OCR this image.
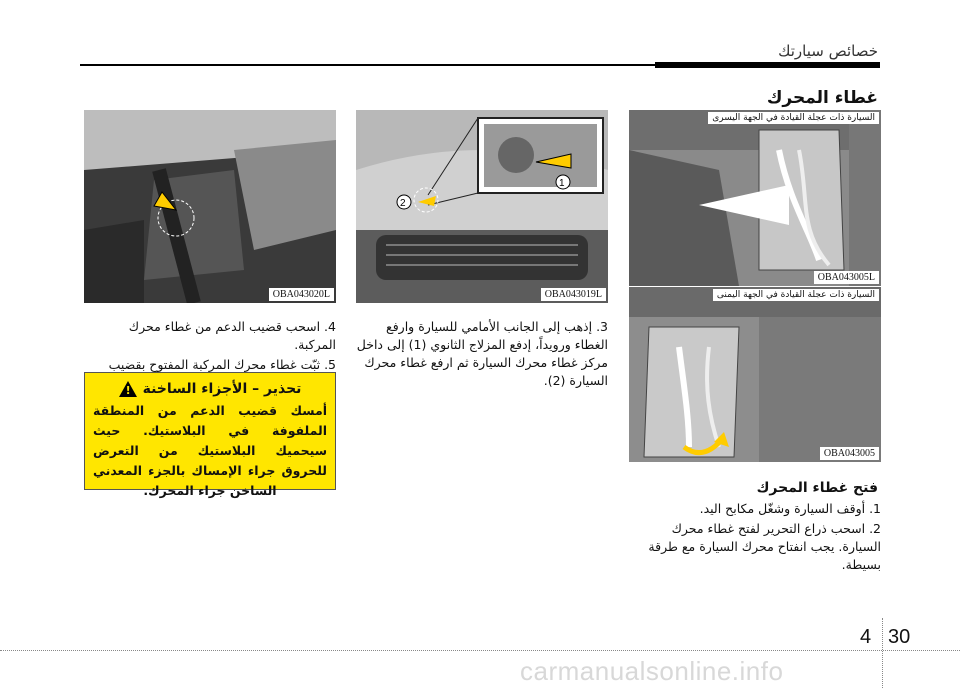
خصائص سيارتك
غطاء المحرك
السيارة ذات عجلة القيادة في الجهة اليسرى
OBA043005L
السيارة ذات عجلة القيادة في الجهة اليمنى
OBA043005
1
2
OBA043019L
OBA043020L

3. إذهب إلى الجانب الأمامي للسيارة وارفع الغطاء ورويداً، إدفع المزلاج الثانوي (1) إلى داخل مركز غطاء محرك السيارة ثم ارفع غطاء محرك السيارة (2).

4. اسحب قضيب الدعم من غطاء محرك المركبة.

5. ثبّت غطاء محرك المركبة المفتوح بقضيب

تحذير – الأجزاء الساخنة
!
أمسك قضيب الدعم من المنطقة الملفوفة في البلاستيك. حيث سيحميك البلاستيك من التعرض للحروق جراء الإمساك بالجزء المعدني الساخن جراء المحرك.	فتح غطاء المحرك

1. أوقف السيارة وشغّل مكابح اليد.

2. اسحب ذراع التحرير لفتح غطاء محرك السيارة. يجب انفتاح محرك السيارة مع طرقة بسيطة.

4 30
carmanualsonline.info
